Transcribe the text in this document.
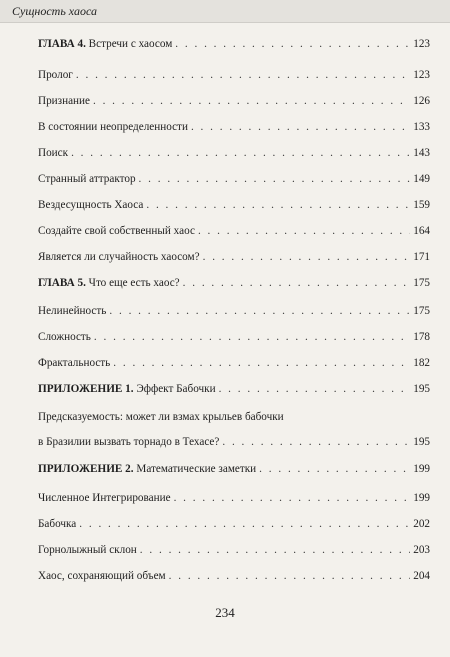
Сущность хаоса
ГЛАВА 4. Встречи с хаосом . . .	123
Пролог . . .	123
Признание . . .	126
В состоянии неопределенности . . .	133
Поиск . . .	143
Странный аттрактор . . .	149
Вездесущность Хаоса . . .	159
Создайте свой собственный хаос . . .	164
Является ли случайность хаосом? . . .	171
ГЛАВА 5. Что еще есть хаос? . . .	175
Нелинейность . . .	175
Сложность . . .	178
Фрактальность . . .	182
ПРИЛОЖЕНИЕ 1. Эффект Бабочки . . .	195
Предсказуемость: может ли взмах крыльев бабочки
в Бразилии вызвать торнадо в Техасе? . . .	195
ПРИЛОЖЕНИЕ 2. Математические заметки . . .	199
Численное Интегрирование . . .	199
Бабочка . . .	202
Горнолыжный склон . . .	203
Хаос, сохраняющий объем . . .	204
234
